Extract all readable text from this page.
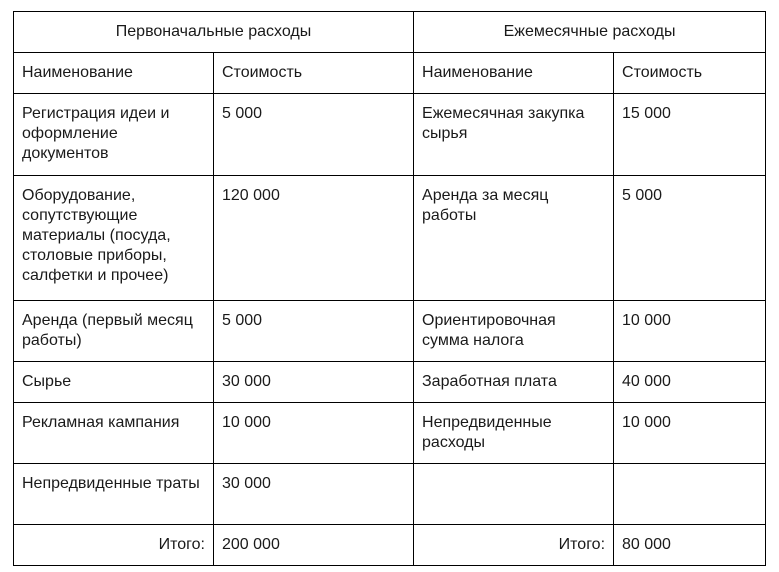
Первоначальные расходы		Ежемесячные расходы	
Наименование	Стоимость	Наименование	Стоимость
Регистрация идеи и оформление документов	5 000	Ежемесячная закупка сырья	15 000
Оборудование, сопутствующие материалы (посуда, столовые приборы, салфетки и прочее)	120 000	Аренда за месяц работы	5 000
Аренда (первый месяц работы)	5 000	Ориентировочная сумма налога	10 000
Сырье	30 000	Заработная плата	40 000
Рекламная кампания	10 000	Непредвиденные расходы	10 000
Непредвиденные траты	30 000		
Итого:	200 000	Итого:	80 000
